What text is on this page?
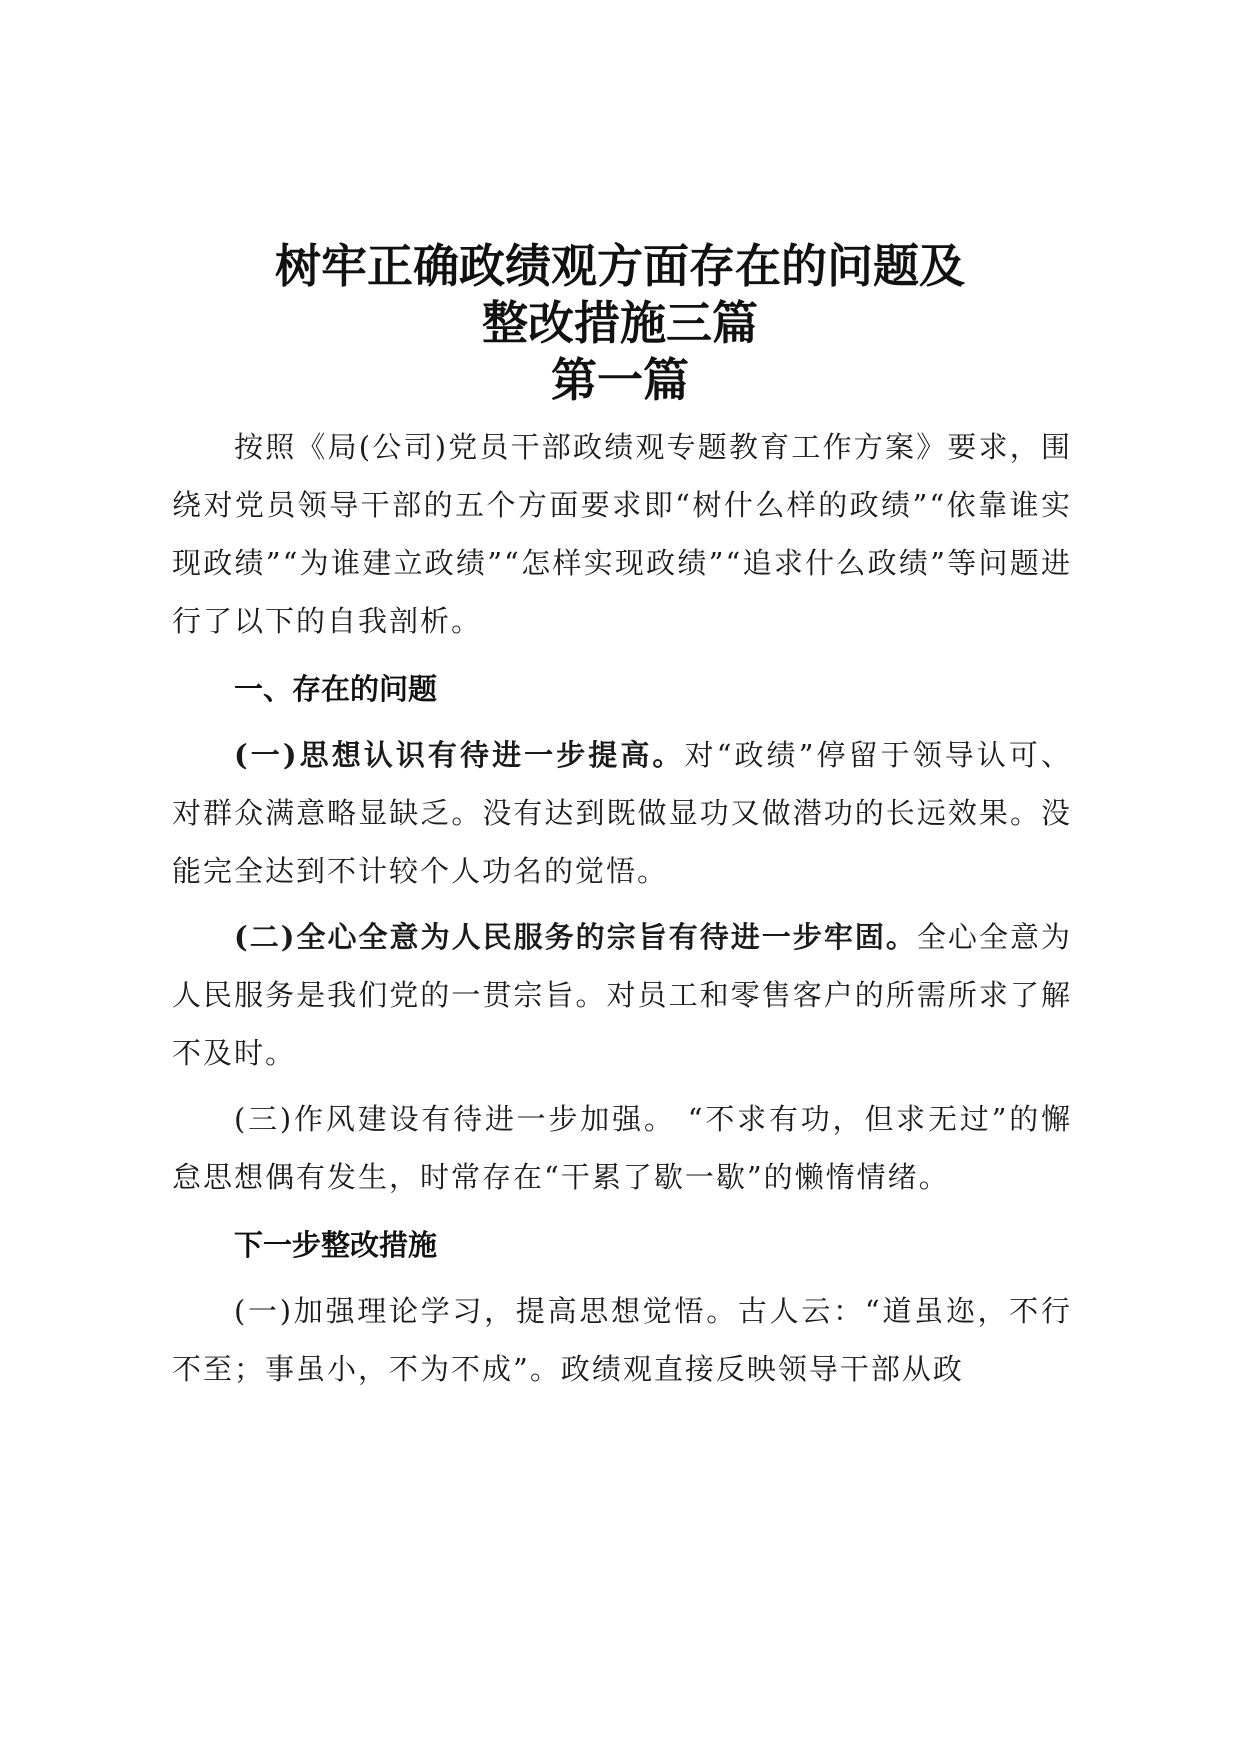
树牢正确政绩观方面存在的问题及
整改措施三篇
第一篇

按照《局(公司)党员干部政绩观专题教育工作方案》要求，围绕对党员领导干部的五个方面要求即“树什么样的政绩”“依靠谁实现政绩”“为谁建立政绩”“怎样实现政绩”“追求什么政绩”等问题进行了以下的自我剖析。

一、存在的问题

(一)思想认识有待进一步提高。对“政绩”停留于领导认可、对群众满意略显缺乏。没有达到既做显功又做潜功的长远效果。没能完全达到不计较个人功名的觉悟。

(二)全心全意为人民服务的宗旨有待进一步牢固。全心全意为人民服务是我们党的一贯宗旨。对员工和零售客户的所需所求了解不及时。

(三)作风建设有待进一步加强。 “不求有功，但求无过”的懈怠思想偶有发生，时常存在“干累了歇一歇”的懒惰情绪。

下一步整改措施

(一)加强理论学习，提高思想觉悟。古人云：“道虽迩，不行不至；事虽小，不为不成”。政绩观直接反映领导干部从政
